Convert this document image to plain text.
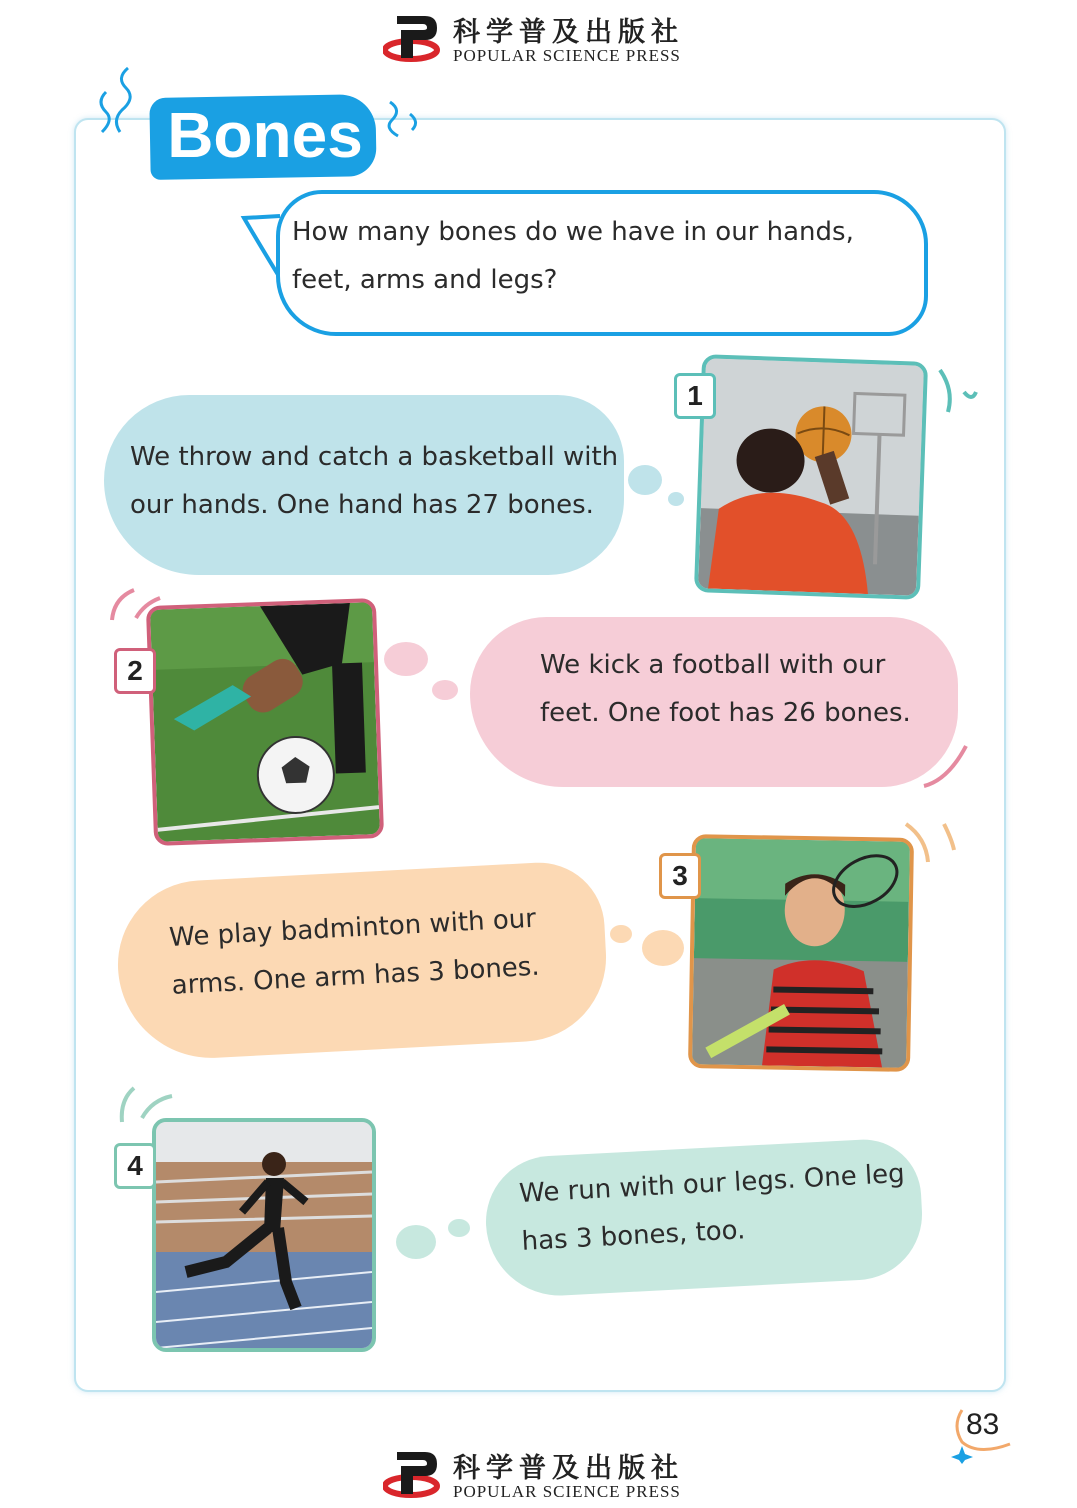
科学普及出版社
POPULAR SCIENCE PRESS
Bones
How many bones do we have in our hands, feet, arms and legs?
We throw and catch a basketball with our hands. One hand has 27 bones.
1
2	We kick a football with our feet. One foot has 26 bones.
We play badminton with our arms. One arm has 3 bones.
3
4	We run with our legs. One leg has 3 bones, too.
83
科学普及出版社
POPULAR SCIENCE PRESS
